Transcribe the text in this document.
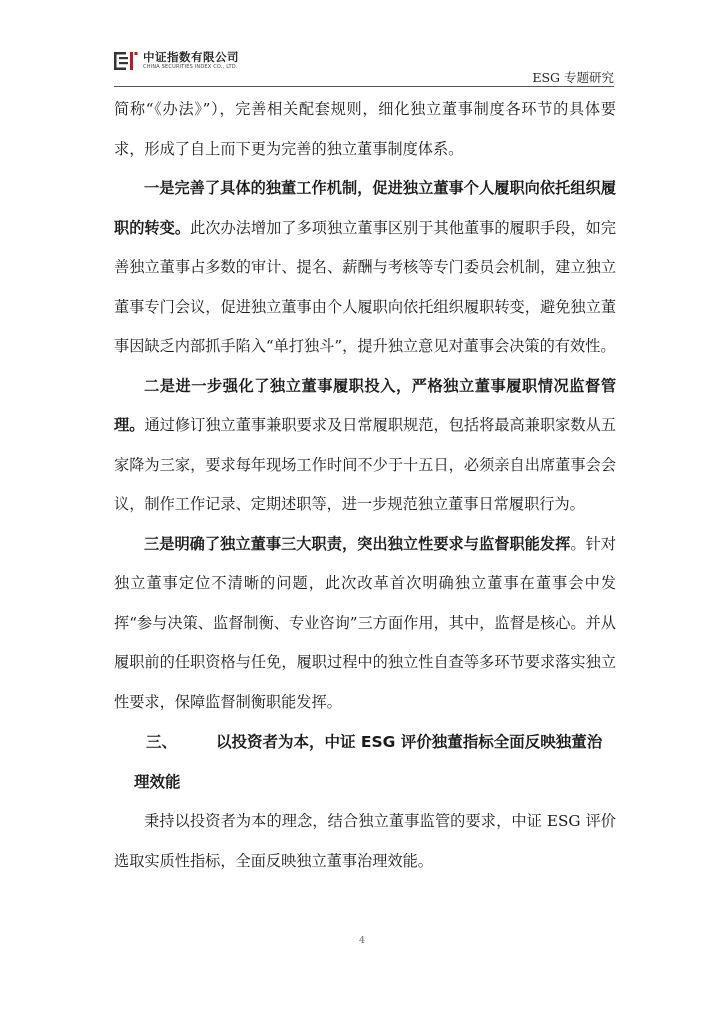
中证指数有限公司
CHINA SECURITIES INDEX CO., LTD.
ESG 专题研究

简称“《办法》”），完善相关配套规则，细化独立董事制度各环节的具体要求，形成了自上而下更为完善的独立董事制度体系。

一是完善了具体的独董工作机制，促进独立董事个人履职向依托组织履职的转变。此次办法增加了多项独立董事区别于其他董事的履职手段，如完善独立董事占多数的审计、提名、薪酬与考核等专门委员会机制，建立独立董事专门会议，促进独立董事由个人履职向依托组织履职转变，避免独立董事因缺乏内部抓手陷入“单打独斗”，提升独立意见对董事会决策的有效性。

二是进一步强化了独立董事履职投入，严格独立董事履职情况监督管理。通过修订独立董事兼职要求及日常履职规范，包括将最高兼职家数从五家降为三家，要求每年现场工作时间不少于十五日，必须亲自出席董事会会议，制作工作记录、定期述职等，进一步规范独立董事日常履职行为。

三是明确了独立董事三大职责，突出独立性要求与监督职能发挥。针对独立董事定位不清晰的问题，此次改革首次明确独立董事在董事会中发挥“参与决策、监督制衡、专业咨询”三方面作用，其中，监督是核心。并从履职前的任职资格与任免，履职过程中的独立性自查等多环节要求落实独立性要求，保障监督制衡职能发挥。

三、	以投资者为本，中证 ESG 评价独董指标全面反映独董治
理效能

秉持以投资者为本的理念，结合独立董事监管的要求，中证 ESG 评价选取实质性指标，全面反映独立董事治理效能。

4
